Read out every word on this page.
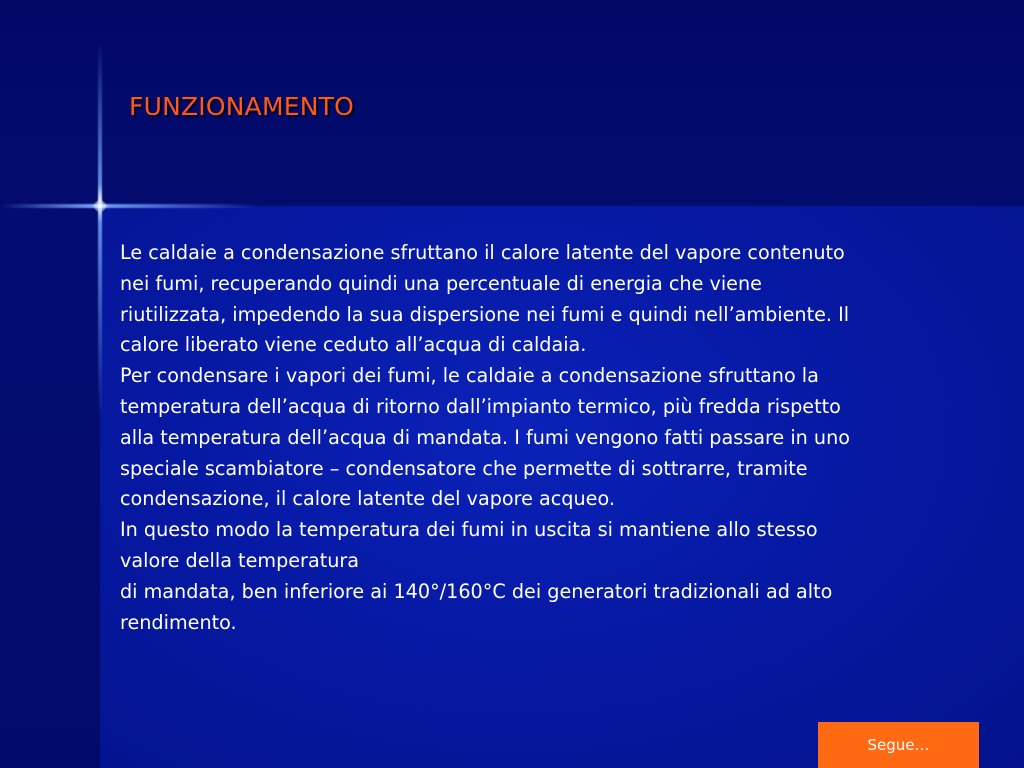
FUNZIONAMENTO
Le caldaie a condensazione sfruttano il calore latente del vapore contenuto
nei fumi, recuperando quindi una percentuale di energia che viene
riutilizzata, impedendo la sua dispersione nei fumi e quindi nell’ambiente. Il
calore liberato viene ceduto all’acqua di caldaia.
Per condensare i vapori dei fumi, le caldaie a condensazione sfruttano la
temperatura dell’acqua di ritorno dall’impianto termico, più fredda rispetto
alla temperatura dell’acqua di mandata. I fumi vengono fatti passare in uno
speciale scambiatore – condensatore che permette di sottrarre, tramite
condensazione, il calore latente del vapore acqueo.
In questo modo la temperatura dei fumi in uscita si mantiene allo stesso
valore della temperatura
di mandata, ben inferiore ai 140°/160°C dei generatori tradizionali ad alto
rendimento.
Segue…
